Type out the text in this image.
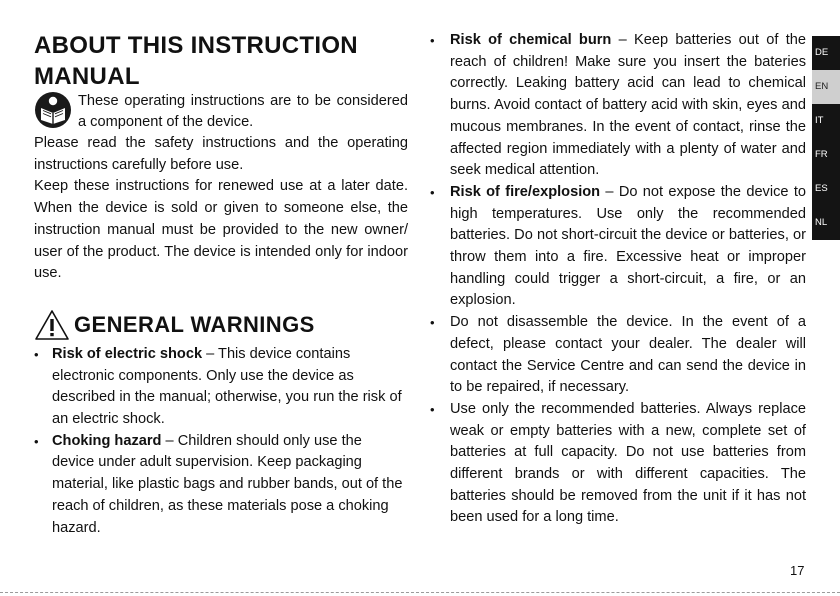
ABOUT THIS INSTRUCTION MANUAL
These operating instructions are to be considered a component of the device.

Please read the safety instructions and the operating instructions carefully before use.

Keep these instructions for renewed use at a later date. When the device is sold or given to someone else, the instruction manual must be provided to the new owner/ user of the product. The device is intended only for indoor use.

GENERAL WARNINGS
• Risk of electric shock – This device contains electronic components. Only use the device as described in the manual; otherwise, you run the risk of an electric shock.
• Choking hazard – Children should only use the device under adult supervision. Keep packaging material, like plastic bags and rubber bands, out of the reach of children, as these materials pose a choking hazard.
•	Risk of chemical burn – Keep batteries out of the reach of children! Make sure you insert the bateries correctly. Leaking battery acid can lead to chemical burns. Avoid contact of battery acid with skin, eyes and mucous membranes. In the event of contact, rinse the affected region immediately with a plenty of water and seek medical attention.
•	Risk of fire/explosion – Do not expose the device to high temperatures. Use only the recommended batteries. Do not short-circuit the device or batteries, or throw them into a fire. Excessive heat or improper handling could trigger a short-circuit, a fire, or an explosion.
•	Do not disassemble the device. In the event of a defect, please contact your dealer. The dealer will contact the Service Centre and can send the device in to be repaired, if necessary.
•	Use only the recommended batteries. Always replace weak or empty batteries with a new, complete set of batteries at full capacity. Do not use batteries from different brands or with different capacities. The batteries should be removed from the unit if it has not been used for a long time.
DE
EN
IT
FR
ES
NL
17
